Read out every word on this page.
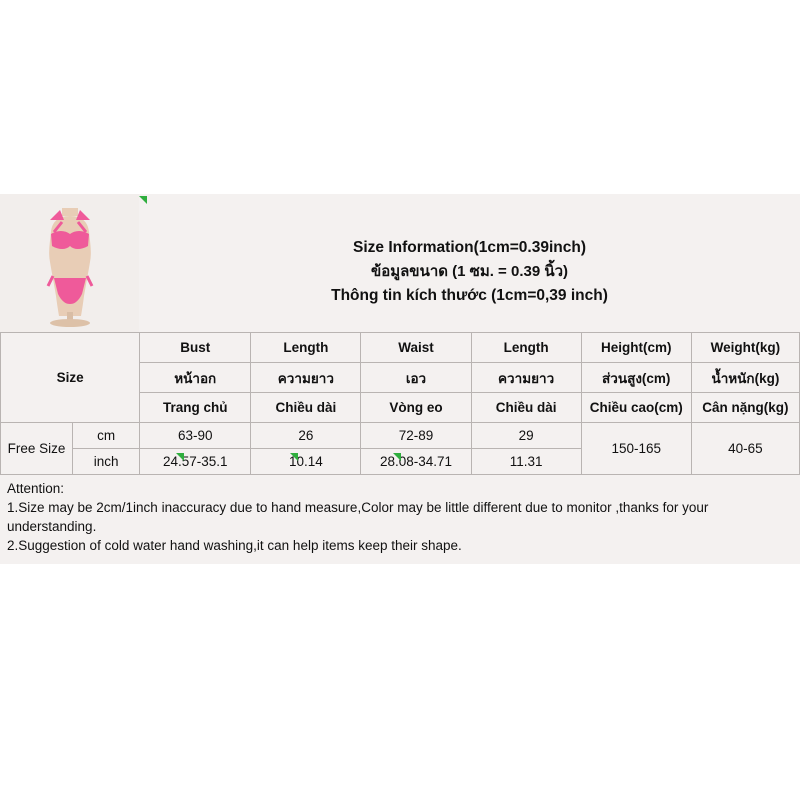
Size Information(1cm=0.39inch)
ข้อมูลขนาด (1 ซม. = 0.39 นิ้ว)
Thông tin kích thước (1cm=0,39 inch)
Size		Bust	Length	Waist	Length	Height(cm)	Weight(kg)
		หน้าอก	ความยาว	เอว	ความยาว	ส่วนสูง(cm)	น้ำหนัก(kg)
		Trang chủ	Chiều dài	Vòng eo	Chiều dài	Chiều cao(cm)	Cân nặng(kg)
Free Size	cm	63-90	26	72-89	29	150-165	40-65
	inch	24.57-35.1	10.14	28.08-34.71	11.31		
Attention:
1.Size may be 2cm/1inch inaccuracy due to hand measure,Color may be little different due to monitor ,thanks for your understanding.
2.Suggestion of cold water hand washing,it can help items keep their shape.
